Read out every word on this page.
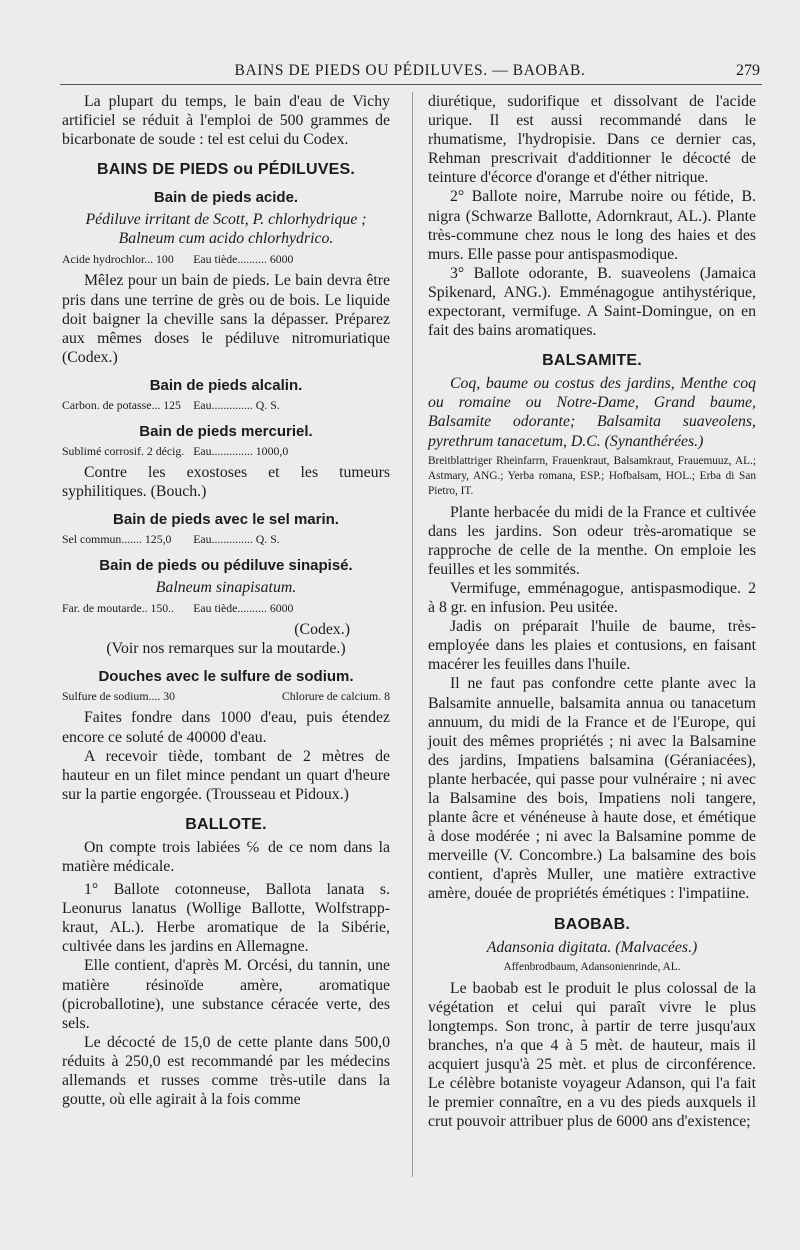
BAINS DE PIEDS OU PÉDILUVES. — BAOBAB.	279

La plupart du temps, le bain d'eau de Vichy artificiel se réduit à l'emploi de 500 grammes de bicarbonate de soude : tel est celui du Codex.

BAINS DE PIEDS ou PÉDILUVES.
Bain de pieds acide.

Pédiluve irritant de Scott, P. chlorhydrique ; Balneum cum acido chlorhydrico.

Acide hydrochlor... 100	Eau tiède.......... 6000

Mêlez pour un bain de pieds. Le bain devra être pris dans une terrine de grès ou de bois. Le liquide doit baigner la cheville sans la dépasser. Préparez aux mêmes doses le pédiluve nitromuriatique (Codex.)

Bain de pieds alcalin.
Carbon. de potasse... 125	Eau.............. Q. S.
Bain de pieds mercuriel.
Sublimé corrosif. 2 décig. Eau.............. 1000,0

Contre les exostoses et les tumeurs syphilitiques. (Bouch.)

Bain de pieds avec le sel marin.
Sel commun....... 125,0	Eau.............. Q. S.
Bain de pieds ou pédiluve sinapisé.

Balneum sinapisatum.

Far. de moutarde.. 150..	Eau tiède.......... 6000

(Codex.)

(Voir nos remarques sur la moutarde.)

Douches avec le sulfure de sodium.
Sulfure de sodium.... 30	Chlorure de calcium. 8

Faites fondre dans 1000 d'eau, puis étendez encore ce soluté de 40000 d'eau.

A recevoir tiède, tombant de 2 mètres de hauteur en un filet mince pendant un quart d'heure sur la partie engorgée. (Trousseau et Pidoux.)

BALLOTE.

On compte trois labiées ℅ de ce nom dans la matière médicale.

1° Ballote cotonneuse, Ballota lanata s. Leonurus lanatus (Wollige Ballotte, Wolfstrapp-kraut, AL.). Herbe aromatique de la Sibérie, cultivée dans les jardins en Allemagne.

Elle contient, d'après M. Orcési, du tannin, une matière résinoïde amère, aromatique (picroballotine), une substance céracée verte, des sels.

Le décocté de 15,0 de cette plante dans 500,0 réduits à 250,0 est recommandé par les médecins allemands et russes comme très-utile dans la goutte, où elle agirait à la fois comme

diurétique, sudorifique et dissolvant de l'acide urique. Il est aussi recommandé dans le rhumatisme, l'hydropisie. Dans ce dernier cas, Rehman prescrivait d'additionner le décocté de teinture d'écorce d'orange et d'éther nitrique.

2° Ballote noire, Marrube noire ou fétide, B. nigra (Schwarze Ballotte, Adornkraut, AL.). Plante très-commune chez nous le long des haies et des murs. Elle passe pour antispasmodique.

3° Ballote odorante, B. suaveolens (Jamaica Spikenard, ANG.). Emménagogue antihystérique, expectorant, vermifuge. A Saint-Domingue, on en fait des bains aromatiques.

BALSAMITE.

Coq, baume ou costus des jardins, Menthe coq ou romaine ou Notre-Dame, Grand baume, Balsamite odorante; Balsamita suaveolens, pyrethrum tanacetum, D.C. (Synanthérées.)

Breitblattriger Rheinfarrn, Frauenkraut, Balsamkraut, Frauemuuz, AL.; Astmary, ANG.; Yerba romana, ESP.; Hofbalsam, HOL.; Erba di San Pietro, IT.

Plante herbacée du midi de la France et cultivée dans les jardins. Son odeur très-aromatique se rapproche de celle de la menthe. On emploie les feuilles et les sommités.

Vermifuge, emménagogue, antispasmodique. 2 à 8 gr. en infusion. Peu usitée.

Jadis on préparait l'huile de baume, très-employée dans les plaies et contusions, en faisant macérer les feuilles dans l'huile.

Il ne faut pas confondre cette plante avec la Balsamite annuelle, balsamita annua ou tanacetum annuum, du midi de la France et de l'Europe, qui jouit des mêmes propriétés ; ni avec la Balsamine des jardins, Impatiens balsamina (Géraniacées), plante herbacée, qui passe pour vulnéraire ; ni avec la Balsamine des bois, Impatiens noli tangere, plante âcre et vénéneuse à haute dose, et émétique à dose modérée ; ni avec la Balsamine pomme de merveille (V. Concombre.) La balsamine des bois contient, d'après Muller, une matière extractive amère, douée de propriétés émétiques : l'impatiine.

BAOBAB.

Adansonia digitata. (Malvacées.)

Affenbrodbaum, Adansonienrinde, AL.

Le baobab est le produit le plus colossal de la végétation et celui qui paraît vivre le plus longtemps. Son tronc, à partir de terre jusqu'aux branches, n'a que 4 à 5 mèt. de hauteur, mais il acquiert jusqu'à 25 mèt. et plus de circonférence. Le célèbre botaniste voyageur Adanson, qui l'a fait le premier connaître, en a vu des pieds auxquels il crut pouvoir attribuer plus de 6000 ans d'existence;
